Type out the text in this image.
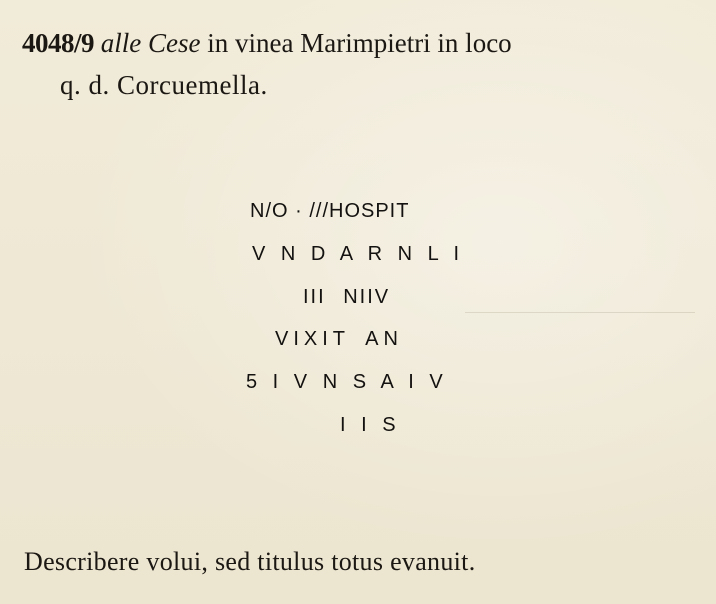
4048/9 alle Cese in vinea Marimpietri in loco
q. d. Corcuemella.
N/O · ///HOSPIT
V N D A R N L I
III NIIV
VIXIT AN
5 I V N S A I V
I I S
Describere volui, sed titulus totus evanuit.
